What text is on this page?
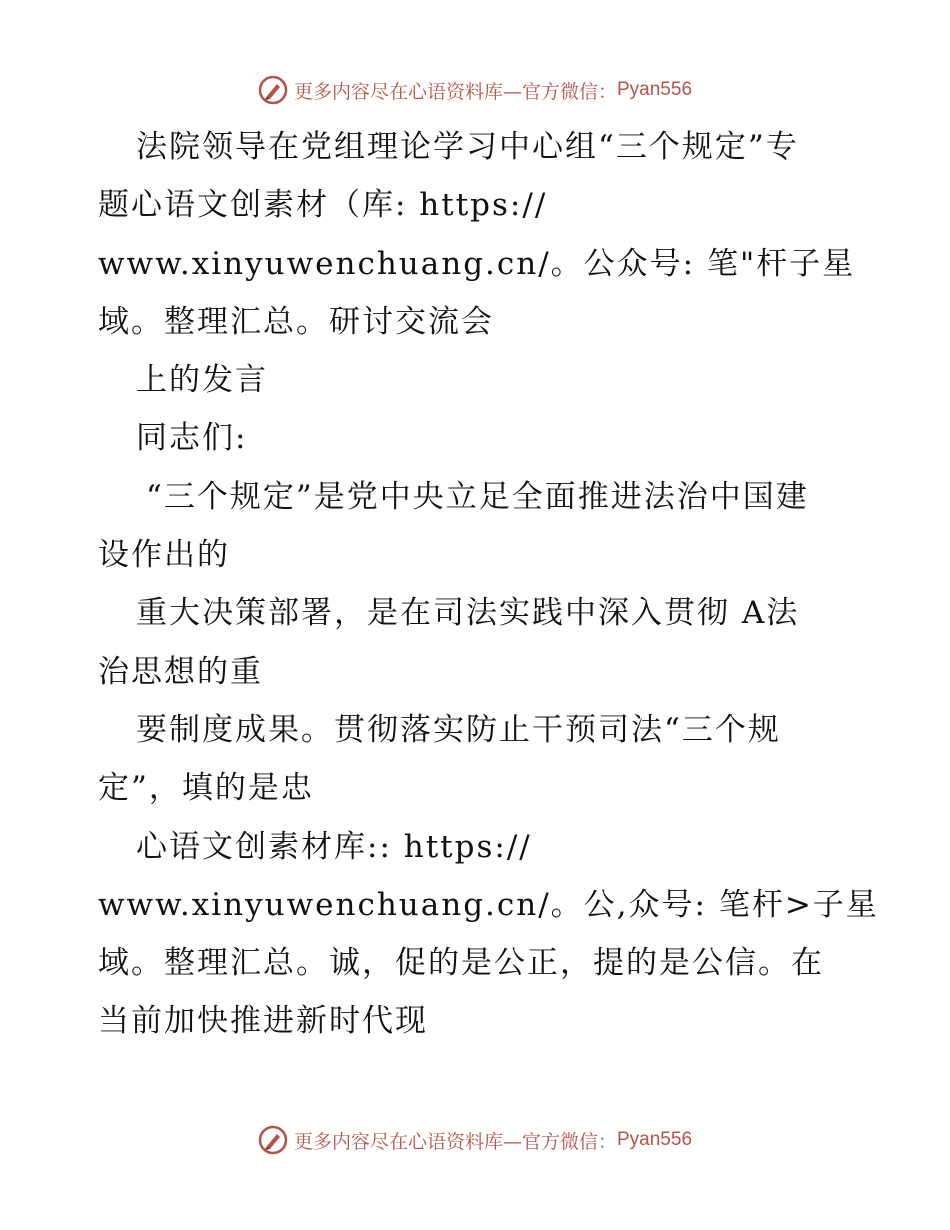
更多内容尽在心语资料库—官方微信： Pyan556
法院领导在党组理论学习中心组“三个规定”专
题心语文创素材（库: https://
www.xinyuwenchuang.cn/。公众号: 笔"杆子星
域。整理汇总。研讨交流会
上的发言
同志们:
“三个规定”是党中央立足全面推进法治中国建
设作出的
重大决策部署，是在司法实践中深入贯彻 A法
治思想的重
要制度成果。贯彻落实防止干预司法“三个规
定”，填的是忠
心语文创素材库:: https://
www.xinyuwenchuang.cn/。公,众号: 笔杆>子星
域。整理汇总。诚，促的是公正，提的是公信。在
当前加快推进新时代现
更多内容尽在心语资料库—官方微信： Pyan556
